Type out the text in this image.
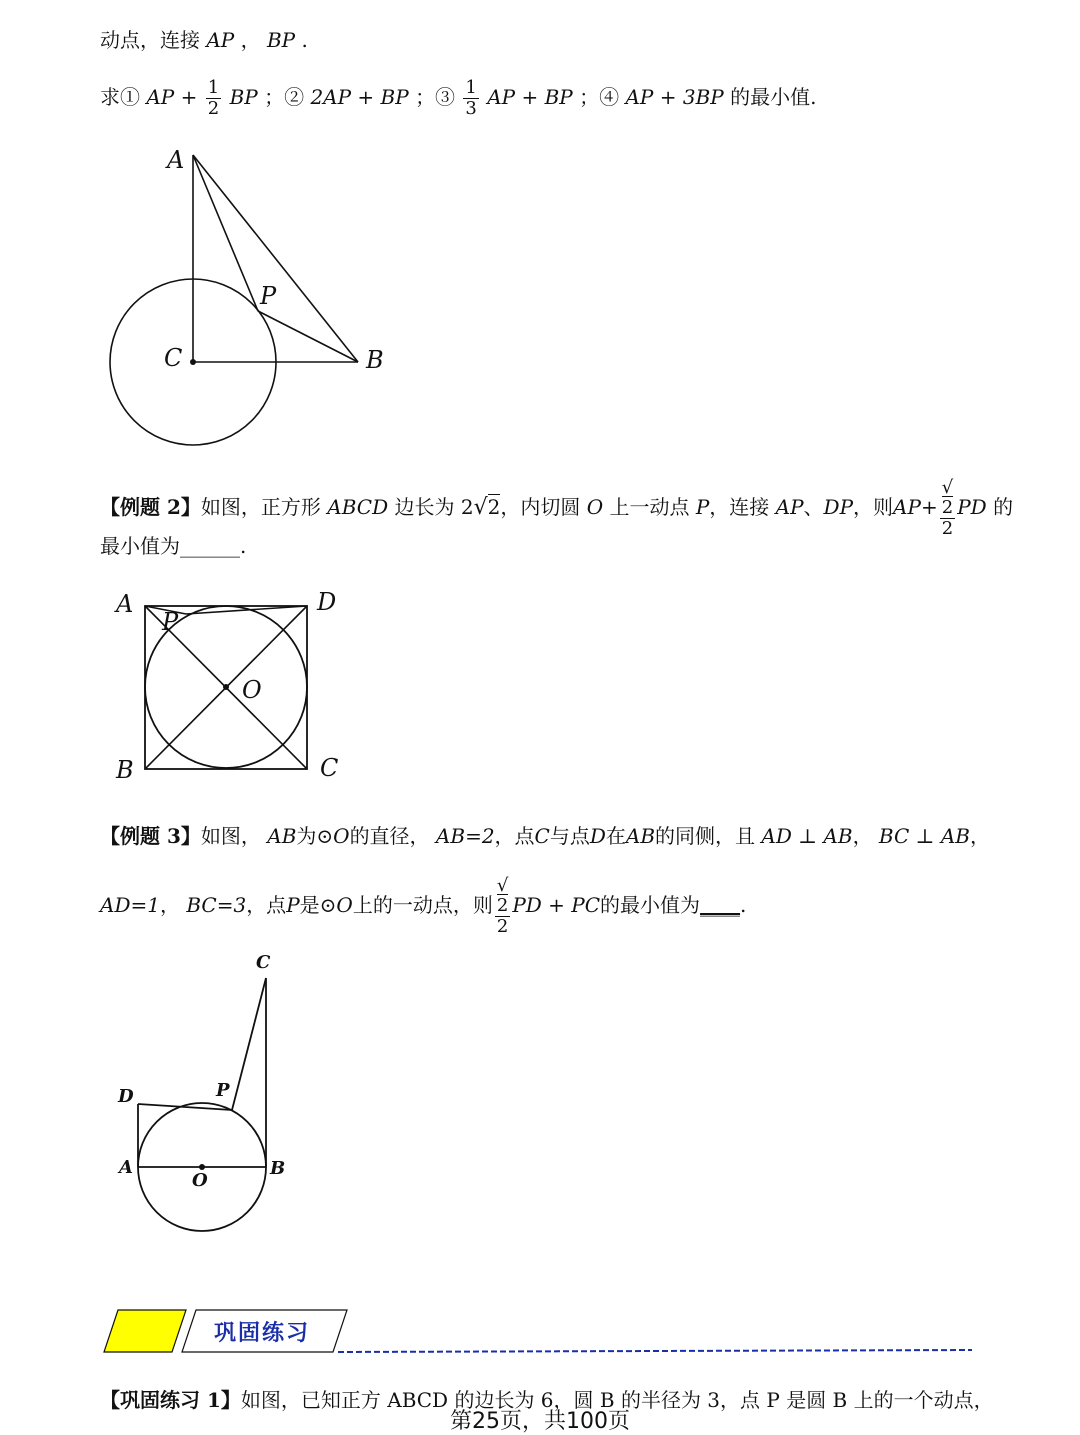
动点，连接 AP ， BP .
求① AP + $\frac{1}{2}$ BP ；② 2AP + BP ；③ $\frac{1}{3}$ AP + BP ；④ AP + 3BP 的最小值.
A
P
C	B
【例题 2】如图，正方形 ABCD 边长为 2√2，内切圆 O 上一动点 P，连接 AP、DP，则AP+ √
2
2 PD 的
最小值为______.
A	D
P
O
B	C
【例题 3】如图， AB为⊙O的直径， AB=2，点C与点D在AB的同侧，且 AD ⊥ AB， BC ⊥ AB，
AD=1， BC=3，点P是⊙O上的一动点，则 √
2
2 PD + PC的最小值为____.
C
D	P
A
O
B
巩固练习
【巩固练习 1】如图，已知正方 ABCD 的边长为 6，圆 B 的半径为 3，点 P 是圆 B 上的一个动点，
第25页，共100页
